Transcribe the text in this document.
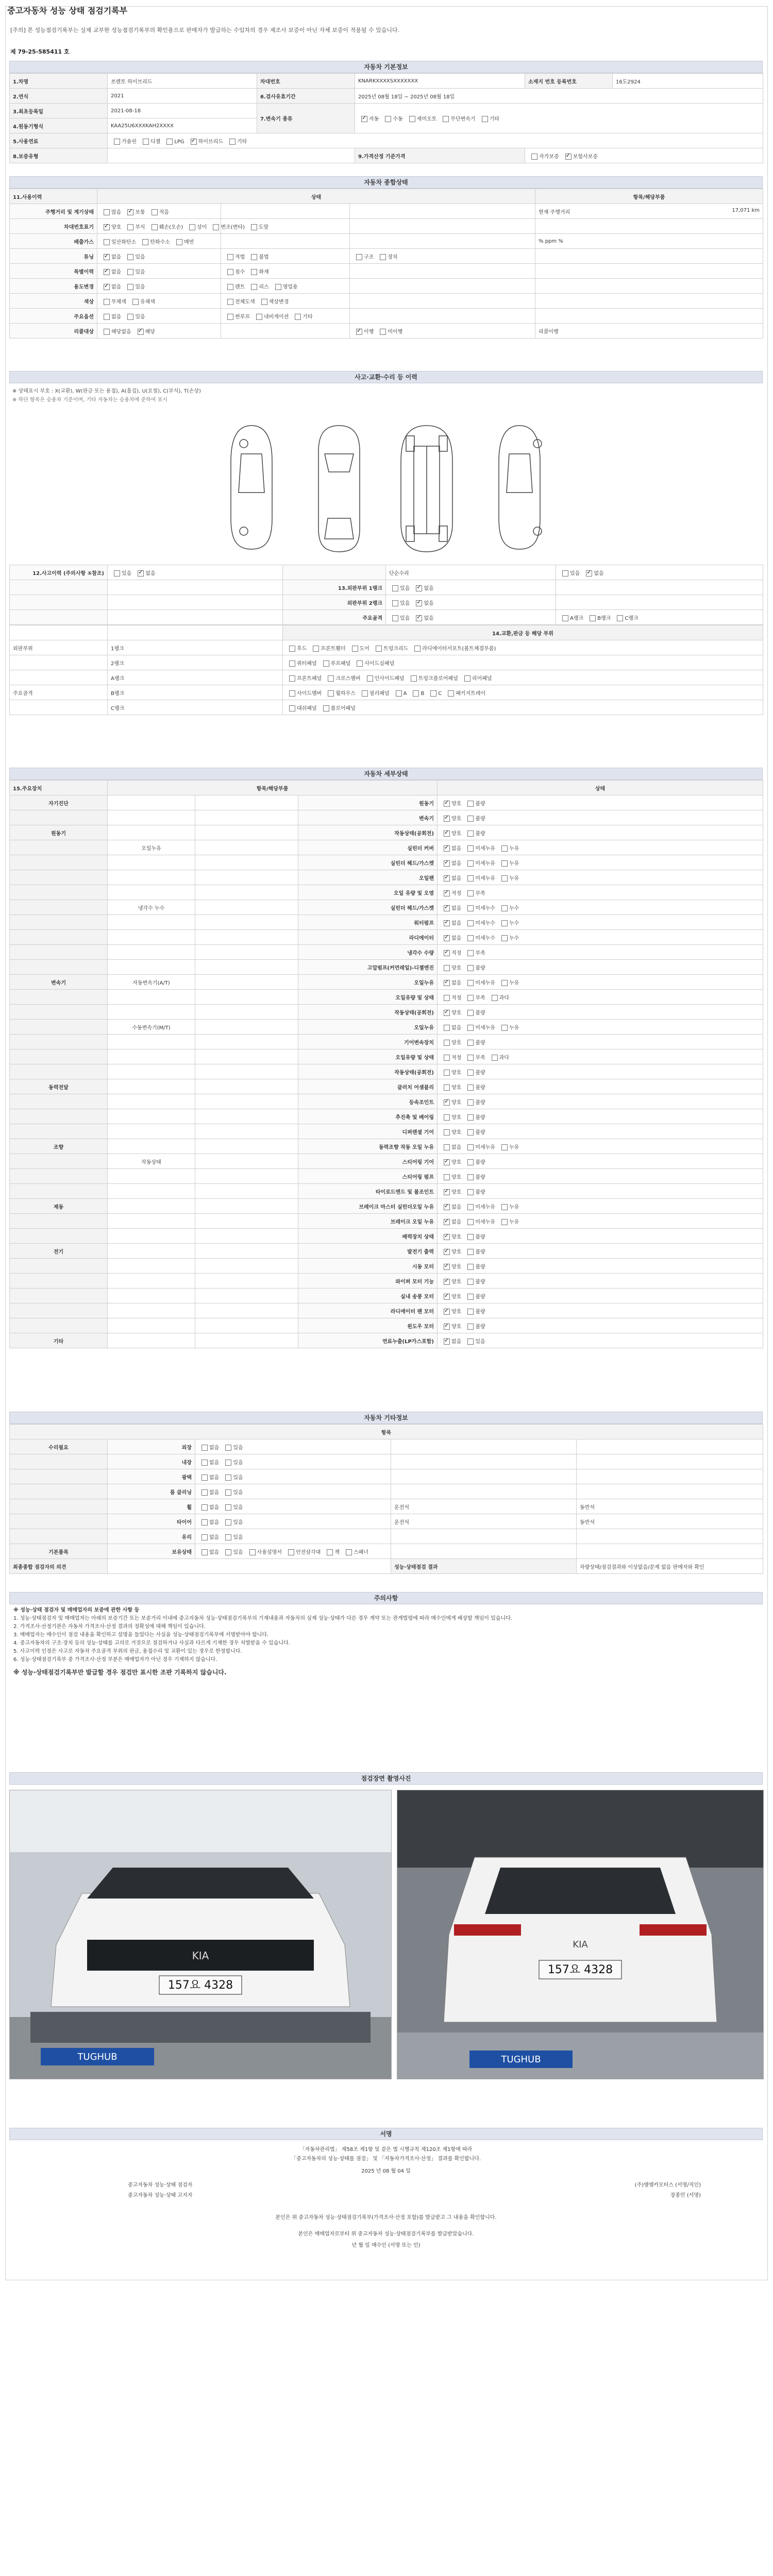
중고자동차 성능 상태 점검기록부
[주의] 본 성능점검기록부는 실제 교부한 성능점검기록부의 확인용으로 판매자가 발급하는 수입차의 경우 제조사 보증이 아닌 자체 보증이 적용될 수 있습니다.
제 79-25-585411 호
자동차 기본정보
1.차명	쏘렌토 하이브리드	차대번호	KNARKXXXXSXXXXXXX	소재지 번호 등록번호	16도2924
2.연식	2021	6.검사유효기간	2025년 08월 18일 ~ 2025년 08월 18일		
3.최초등록일	2021-08-18	7.변속기 종류	✓자동 수동 세미오토 무단변속기 기타
4.원동기형식	KAA25U6XXXKAH2XXXX				
5.사용연료	가솔린 디젤 LPG ✓ 하이브리드 기타
8.보증유형			9.가격산정 기준가격	자가보증 ✓ 보험사보증
자동차 종합상태
11.사용이력	상태			항목/해당부품
주행거리 및 계기상태	많음 ✓ 보통 적음			현재 주행거리 17,071 km

차대번호표기	✓양호 부식 훼손(오손) 상이 변조(변타) 도말			
배출가스	일산화탄소 탄화수소 매연			% ppm %
튜닝	✓없음 있음	적법 불법	구조 장치	
특별이력	✓없음 있음	침수 화재		
용도변경	✓없음 있음	렌트 리스 영업용		
색상	무채색 유채색	전체도색 색상변경		
주요옵션	없음 있음	썬루프 내비게이션 기타		
리콜대상	해당없음 ✓ 해당		✓이행 미이행	리콜이행
사고·교환·수리 등 이력
※ 상태표시 부호 : X(교환), W(판금 또는 용접), A(흠집), U(요철), C(부식), T(손상)
※ 하단 항목은 승용차 기준이며, 기타 자동차는 승용차에 준하여 표시
12.사고이력 (주의사항 ⑤참조)	있음 ✓ 없음		단순수리	있음 ✓ 없음
		13.외판부위 1랭크	있음 ✓ 없음	
		외판부위 2랭크	있음 ✓ 없음	
		주요골격	있음 ✓ 없음	A랭크 B랭크 C랭크
		14.교환,판금 등 해당 부위
외판부위	1랭크	후드 프론트휀더 도어 트렁크리드 라디에이터서포트(볼트체결부품)
	2랭크	쿼터패널 루프패널 사이드실패널
	A랭크	프론트패널 크로스멤버 인사이드패널 트렁크플로어패널 리어패널
주요골격	B랭크	사이드멤버 휠하우스 필러패널 A B C 패키지트레이
	C랭크	대쉬패널 플로어패널
자동차 세부상태
15.주요장치	항목/해당부품			상태
자기진단			원동기	✓양호 불량
			변속기	✓양호 불량
원동기			작동상태(공회전)	✓양호 불량
	오일누유		실린더 커버	✓없음 미세누유 누유
			실린더 헤드/가스켓	✓없음 미세누유 누유
			오일팬	✓없음 미세누유 누유
			오일 유량 및 오염	✓적정 부족
	냉각수 누수		실린더 헤드/가스켓	✓없음 미세누수 누수
			워터펌프	✓없음 미세누수 누수
			라디에이터	✓없음 미세누수 누수
			냉각수 수량	✓적정 부족
			고압펌프(커먼레일)-디젤엔진	양호 불량
변속기	자동변속기(A/T)		오일누유	✓없음 미세누유 누유
			오일유량 및 상태	적정 부족 과다
			작동상태(공회전)	✓양호 불량
	수동변속기(M/T)		오일누유	없음 미세누유 누유
			기어변속장치	양호 불량
			오일유량 및 상태	적정 부족 과다
			작동상태(공회전)	양호 불량
동력전달			클러치 어셈블리	양호 불량
			등속조인트	✓양호 불량
			추진축 및 베어링	양호 불량
			디퍼렌셜 기어	양호 불량
조향			동력조향 작동 오일 누유	없음 미세누유 누유
	작동상태		스티어링 기어	✓양호 불량
			스티어링 펌프	양호 불량
			타이로드엔드 및 볼조인트	✓양호 불량
제동			브레이크 마스터 실린더오일 누유	✓없음 미세누유 누유
			브레이크 오일 누유	✓없음 미세누유 누유
			배력장치 상태	✓양호 불량
전기			발전기 출력	✓양호 불량
			시동 모터	✓양호 불량
			와이퍼 모터 기능	✓양호 불량
			실내 송풍 모터	✓양호 불량
			라디에이터 팬 모터	✓양호 불량
			윈도우 모터	✓양호 불량
기타			연료누출(LP가스포함)	✓없음 있음
자동차 기타정보
항목				
수리필요	외장	없음 있음		
	내장	없음 있음		
	광택	없음 있음		
	룸 클리닝	없음 있음		
	휠	없음 있음	운전석	동반석
	타이어	없음 있음	운전석	동반석
	유리	없음 있음		
기본품목	보유상태	없음 있음 사용설명서 안전삼각대 잭 스패너		
최종종합 점검자의 의견			성능·상태점검 결과	차량상태/점검결과와 이상없음/문제 없음 판매자와 확인
주의사항
※ 성능·상태 점검자 및 매매업자의 보증에 관한 사항 등
1. 성능·상태점검자 및 매매업자는 아래의 보증기간 또는 보증거리 이내에 중고자동차 성능·상태점검기록부의 기재내용과 자동차의 실제 성능·상태가 다른 경우 계약 또는 관계법령에 따라 매수인에게 배상할 책임이 있습니다.
2. 가격조사·산정기관은 자동차 가격조사·산정 결과의 정확성에 대해 책임이 있습니다.
3. 매매업자는 매수인이 점검 내용을 확인하고 설명을 들었다는 사실을 성능·상태점검기록부에 서명받아야 합니다.
4. 중고자동차의 구조·장치 등의 성능·상태를 고의로 거짓으로 점검하거나 사실과 다르게 기재한 경우 처벌받을 수 있습니다.
5. 사고이력 인정은 사고로 자동차 주요골격 부위의 판금, 용접수리 및 교환이 있는 경우로 한정합니다.
6. 성능·상태점검기록부 중 가격조사·산정 부분은 매매업자가 아닌 경우 기재하지 않습니다.
※ 성능·상태점검기록부만 발급할 경우 점검만 표시한 조판 기록하지 않습니다.
점검장면 촬영사진
157요 4328
KIA
TUGHUB
157요 4328
KIA
TUGHUB
서명
「자동차관리법」 제58조 제1항 및 같은 법 시행규칙 제120조 제1항에 따라
「중고자동차의 성능·상태를 점검」 및 「자동차가격조사·산정」 결과를 확인합니다.
2025 년 08 월 04 일
중고자동차 성능·상태 점검자	(주)엠엠카모터스 (서명/직인)
중고자동차 성능·상태 고지자	장종민 (서명)
본인은 위 중고자동차 성능·상태점검기록부(가격조사·산정 포함)를 발급받고 그 내용을 확인합니다.
본인은 매매업자로부터 위 중고자동차 성능·상태점검기록부를 발급받았습니다.
년 월 일 매수인 (서명 또는 인)
